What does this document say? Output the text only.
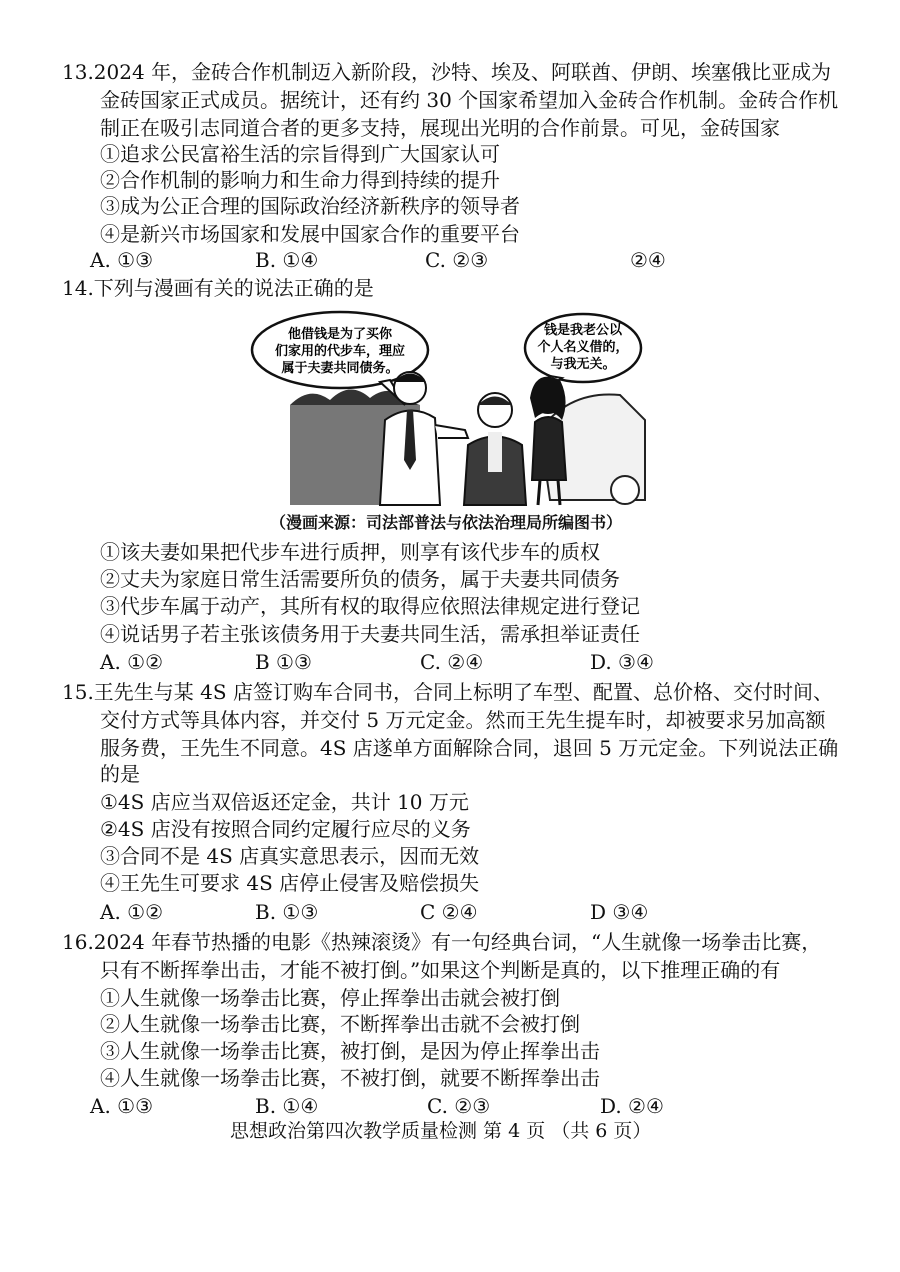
13.2024 年，金砖合作机制迈入新阶段，沙特、埃及、阿联酋、伊朗、埃塞俄比亚成为
金砖国家正式成员。据统计，还有约 30 个国家希望加入金砖合作机制。金砖合作机
制正在吸引志同道合者的更多支持，展现出光明的合作前景。可见，金砖国家
①追求公民富裕生活的宗旨得到广大国家认可
②合作机制的影响力和生命力得到持续的提升
③成为公正合理的国际政治经济新秩序的领导者
④是新兴市场国家和发展中国家合作的重要平台
A. ①③	B. ①④	C. ②③	②④
14.下列与漫画有关的说法正确的是
他借钱是为了买你
们家用的代步车，理应
属于夫妻共同债务。
钱是我老公以
个人名义借的，
与我无关。
（漫画来源：司法部普法与依法治理局所编图书）
①该夫妻如果把代步车进行质押，则享有该代步车的质权
②丈夫为家庭日常生活需要所负的债务，属于夫妻共同债务
③代步车属于动产，其所有权的取得应依照法律规定进行登记
④说话男子若主张该债务用于夫妻共同生活，需承担举证责任
A. ①②	B ①③	C. ②④	D. ③④
15.王先生与某 4S 店签订购车合同书，合同上标明了车型、配置、总价格、交付时间、
交付方式等具体内容，并交付 5 万元定金。然而王先生提车时，却被要求另加高额
服务费，王先生不同意。4S 店遂单方面解除合同，退回 5 万元定金。下列说法正确
的是
①4S 店应当双倍返还定金，共计 10 万元
②4S 店没有按照合同约定履行应尽的义务
③合同不是 4S 店真实意思表示，因而无效
④王先生可要求 4S 店停止侵害及赔偿损失
A. ①②	B. ①③	C ②④	D ③④
16.2024 年春节热播的电影《热辣滚烫》有一句经典台词，“人生就像一场拳击比赛，
只有不断挥拳出击，才能不被打倒。”如果这个判断是真的，以下推理正确的有
①人生就像一场拳击比赛，停止挥拳出击就会被打倒
②人生就像一场拳击比赛，不断挥拳出击就不会被打倒
③人生就像一场拳击比赛，被打倒，是因为停止挥拳出击
④人生就像一场拳击比赛，不被打倒，就要不断挥拳出击
A. ①③	B. ①④	C. ②③	D. ②④
思想政治第四次教学质量检测 第 4 页 （共 6 页）
